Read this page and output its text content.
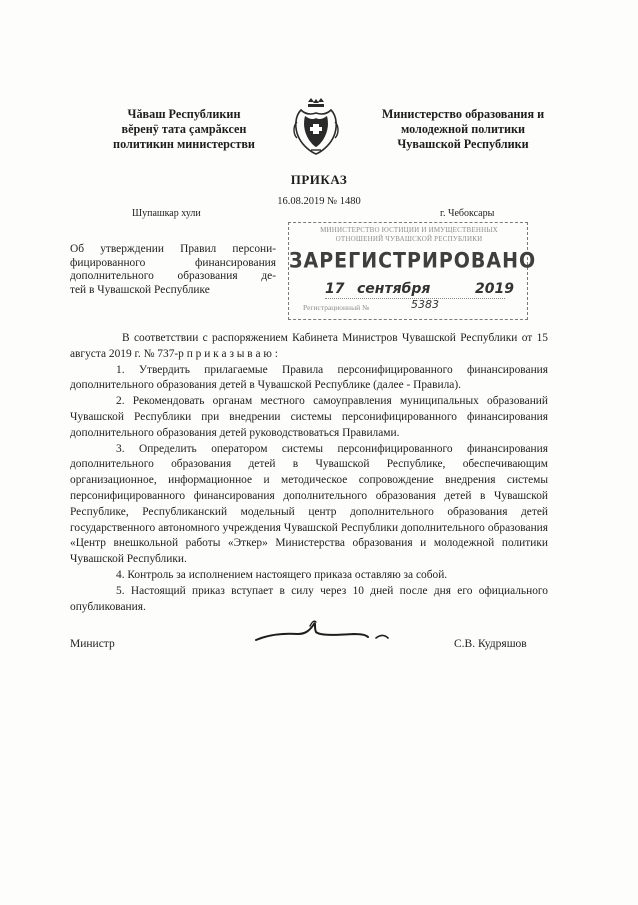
Чăваш Республикин
вĕренÿ тата çамрăксен
политикин министерстви
Министерство образования и
молодежной политики
Чувашской Республики
ПРИКАЗ
16.08.2019 № 1480
Шупашкар хули	г. Чебоксары
Об утверждении Правил персони-
фицированного финансирования
дополнительного образования де-
тей в Чувашской Республике
МИНИСТЕРСТВО ЮСТИЦИИ И ИМУЩЕСТВЕННЫХ
ОТНОШЕНИЙ ЧУВАШСКОЙ РЕСПУБЛИКИ
ЗАРЕГИСТРИРОВАНО
17 сентября	2019
Регистрационный №	5383

В соответствии с распоряжением Кабинета Министров Чувашской Республики от 15 августа 2019 г. № 737-р п р и к а з ы в а ю :

1. Утвердить прилагаемые Правила персонифицированного финансирования дополнительного образования детей в Чувашской Республике (далее - Правила).

2. Рекомендовать органам местного самоуправления муниципальных образований Чувашской Республики при внедрении системы персонифицированного финансирования дополнительного образования детей руководствоваться Правилами.

3. Определить оператором системы персонифицированного финансирования дополнительного образования детей в Чувашской Республике, обеспечивающим организационное, информационное и методическое сопровождение внедрения системы персонифицированного финансирования дополнительного образования детей в Чувашской Республике, Республиканский модельный центр дополнительного образования детей государственного автономного учреждения Чувашской Республики дополнительного образования «Центр внешкольной работы «Эткер» Министерства образования и молодежной политики Чувашской Республики.

4. Контроль за исполнением настоящего приказа оставляю за собой.

5. Настоящий приказ вступает в силу через 10 дней после дня его официального опубликования.

Министр	С.В. Кудряшов
